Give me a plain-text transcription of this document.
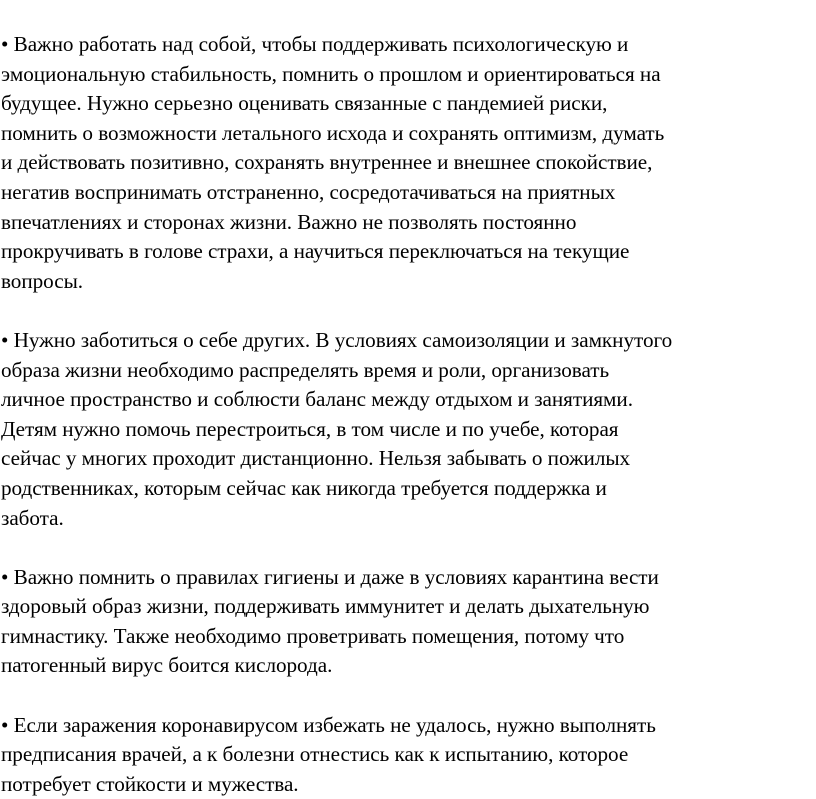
• Важно работать над собой, чтобы поддерживать психологическую и
эмоциональную стабильность, помнить о прошлом и ориентироваться на
будущее. Нужно серьезно оценивать связанные с пандемией риски,
помнить о возможности летального исхода и сохранять оптимизм, думать
и действовать позитивно, сохранять внутреннее и внешнее спокойствие,
негатив воспринимать отстраненно, сосредотачиваться на приятных
впечатлениях и сторонах жизни. Важно не позволять постоянно
прокручивать в голове страхи, а научиться переключаться на текущие
вопросы.

• Нужно заботиться о себе других. В условиях самоизоляции и замкнутого
образа жизни необходимо распределять время и роли, организовать
личное пространство и соблюсти баланс между отдыхом и занятиями.
Детям нужно помочь перестроиться, в том числе и по учебе, которая
сейчас у многих проходит дистанционно. Нельзя забывать о пожилых
родственниках, которым сейчас как никогда требуется поддержка и
забота.

• Важно помнить о правилах гигиены и даже в условиях карантина вести
здоровый образ жизни, поддерживать иммунитет и делать дыхательную
гимнастику. Также необходимо проветривать помещения, потому что
патогенный вирус боится кислорода.

• Если заражения коронавирусом избежать не удалось, нужно выполнять
предписания врачей, а к болезни отнестись как к испытанию, которое
потребует стойкости и мужества.
